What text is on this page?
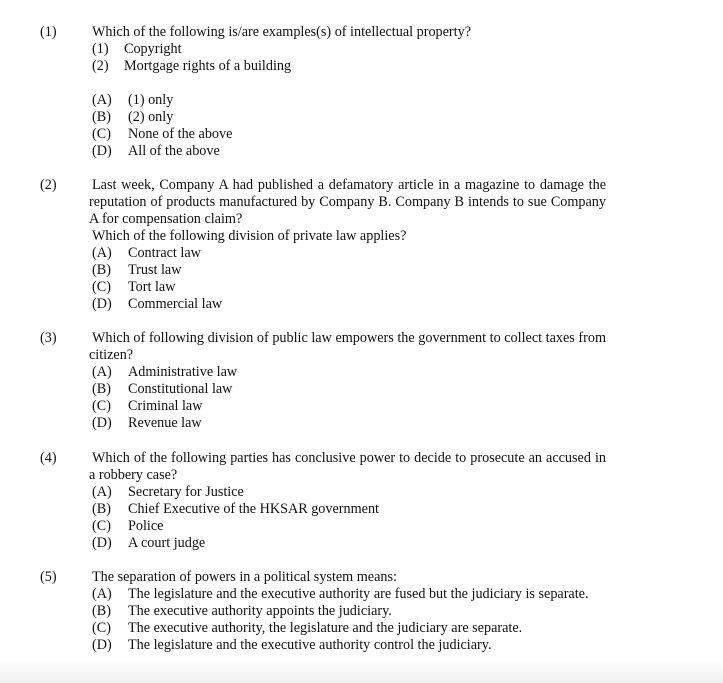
(1) Which of the following is/are examples(s) of intellectual property?
(1)	Copyright
(2)	Mortgage rights of a building
(A)	(1) only
(B)	(2) only
(C)	None of the above
(D)	All of the above
(2) Last week, Company A had published a defamatory article in a magazine to damage the reputation of products manufactured by Company B. Company B intends to sue Company A for compensation claim?
Which of the following division of private law applies?
(A)	Contract law
(B)	Trust law
(C)	Tort law
(D)	Commercial law
(3) Which of following division of public law empowers the government to collect taxes from citizen?
(A)	Administrative law
(B)	Constitutional law
(C)	Criminal law
(D)	Revenue law
(4) Which of the following parties has conclusive power to decide to prosecute an accused in a robbery case?
(A)	Secretary for Justice
(B)	Chief Executive of the HKSAR government
(C)	Police
(D)	A court judge
(5) The separation of powers in a political system means:
(A)	The legislature and the executive authority are fused but the judiciary is separate.
(B)	The executive authority appoints the judiciary.
(C)	The executive authority, the legislature and the judiciary are separate.
(D)	The legislature and the executive authority control the judiciary.
